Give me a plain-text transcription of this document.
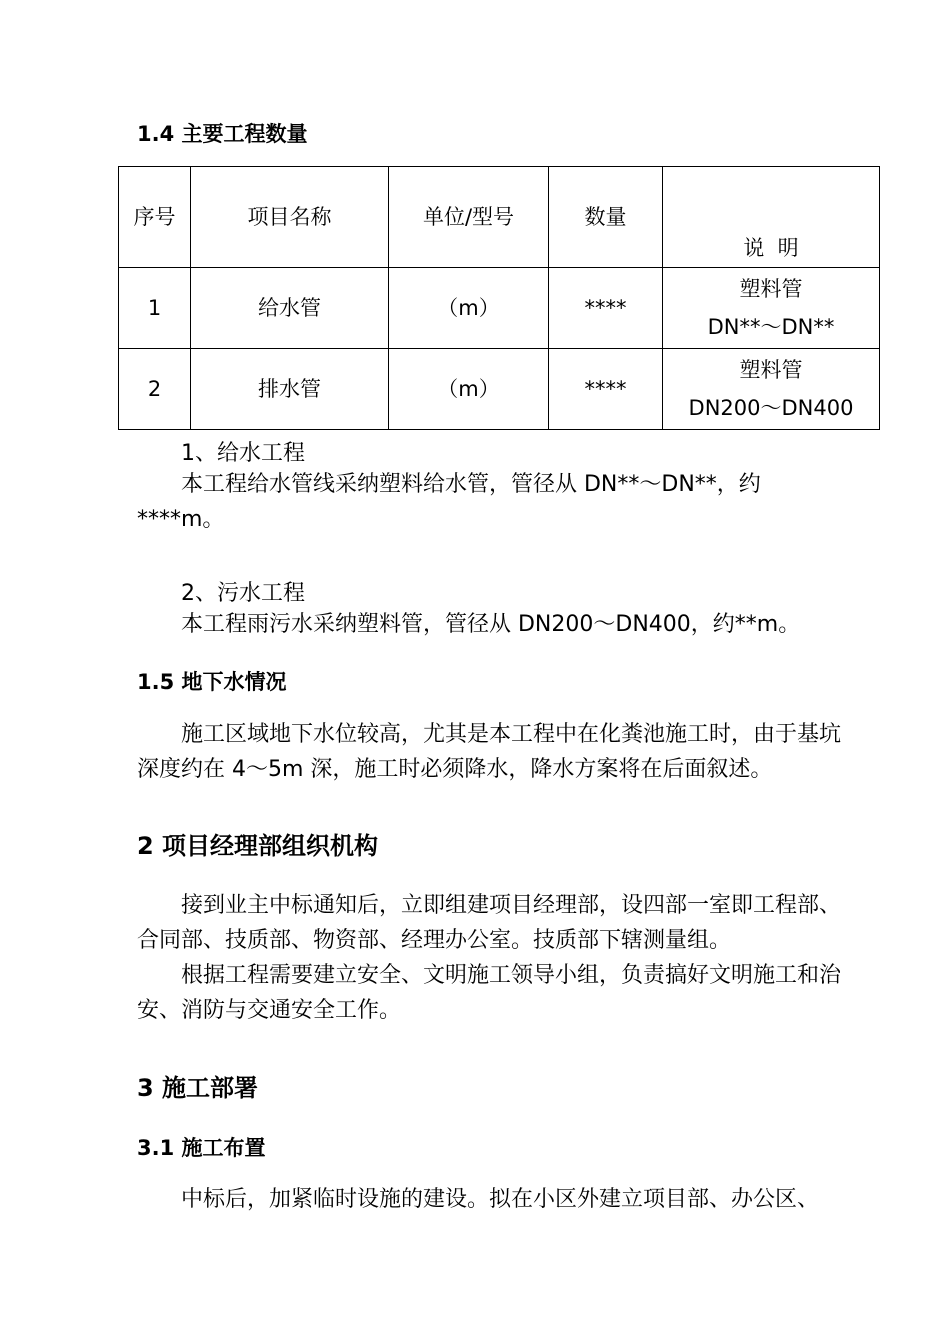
1.4 主要工程数量
序号	项目名称	单位/型号	数量	说  明
1	给水管	（m）	****	塑料管
DN**～DN**

2	排水管	（m）	****	塑料管
DN200～DN400
1、给水工程
本工程给水管线采纳塑料给水管，管径从 DN**～DN**，约****m。
2、污水工程
本工程雨污水采纳塑料管，管径从 DN200～DN400，约**m。
1.5 地下水情况
施工区域地下水位较高，尤其是本工程中在化粪池施工时，由于基坑深度约在 4～5m 深，施工时必须降水，降水方案将在后面叙述。
2 项目经理部组织机构
接到业主中标通知后，立即组建项目经理部，设四部一室即工程部、合同部、技质部、物资部、经理办公室。技质部下辖测量组。
根据工程需要建立安全、文明施工领导小组，负责搞好文明施工和治安、消防与交通安全工作。
3 施工部署
3.1 施工布置
中标后，加紧临时设施的建设。拟在小区外建立项目部、办公区、
